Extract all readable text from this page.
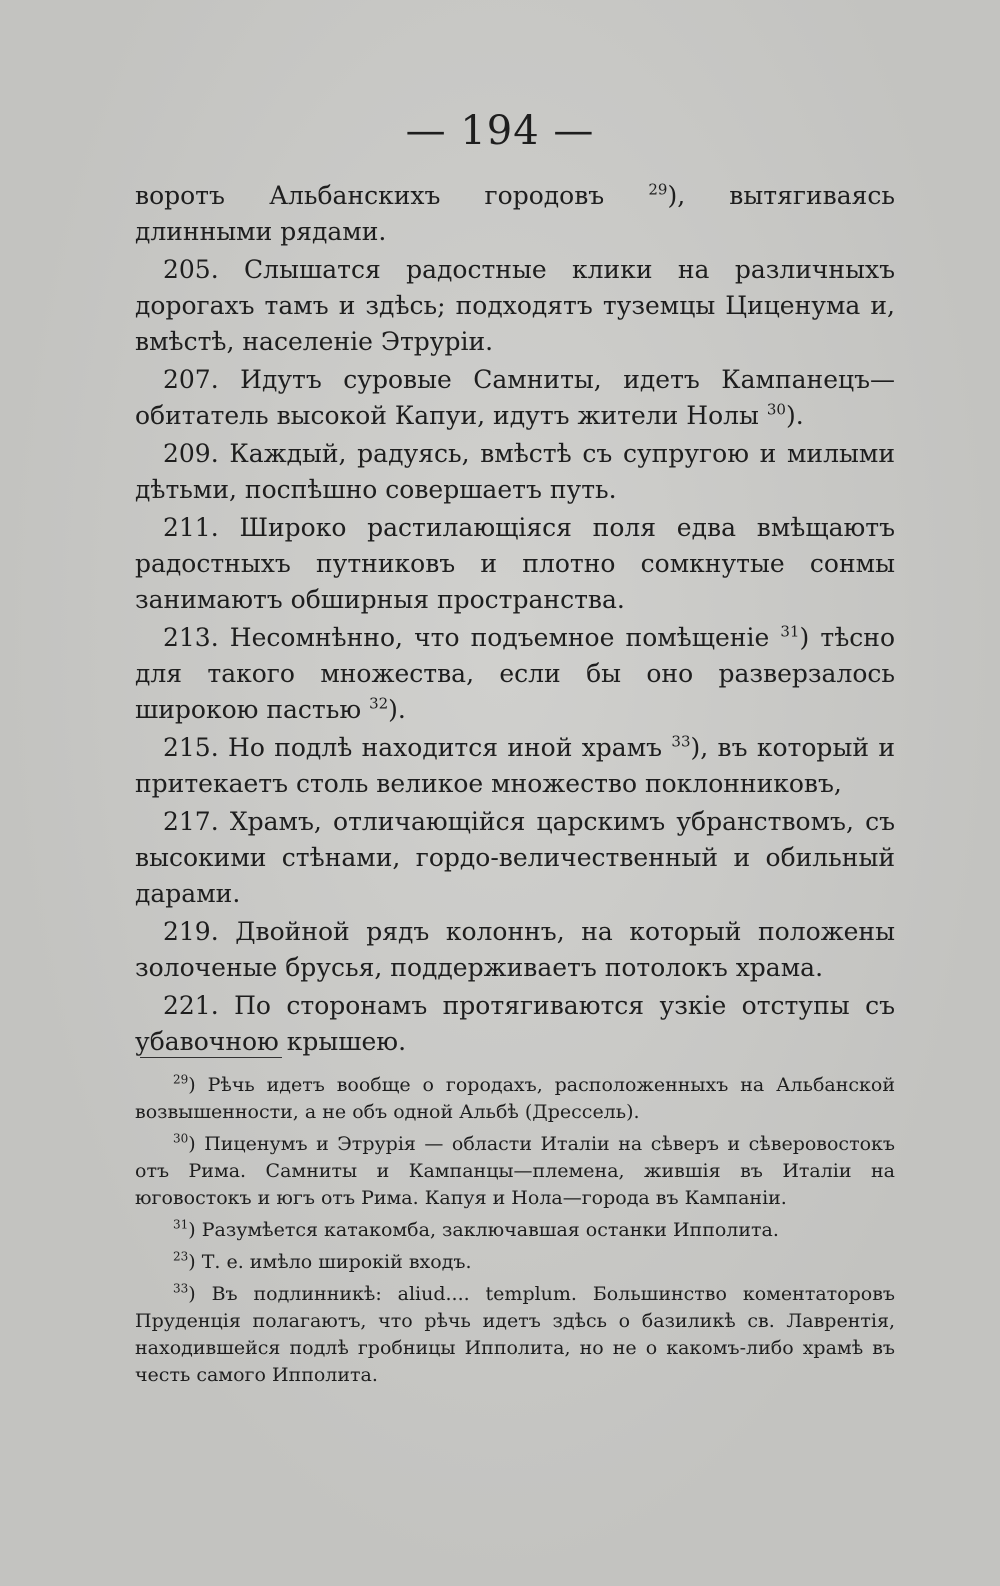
— 194 —

воротъ Альбанскихъ городовъ $^{29}$), вытягиваясь длинными рядами.

205. Слышатся радостные клики на различныхъ дорогахъ тамъ и здѣсь; подходятъ туземцы Циценума и, вмѣстѣ, населеніе Этруріи.

207. Идутъ суровые Самниты, идетъ Кампанецъ—обитатель высокой Капуи, идутъ жители Нолы $^{30}$).

209. Каждый, радуясь, вмѣстѣ съ супругою и милыми дѣтьми, поспѣшно совершаетъ путь.

211. Широко растилающіяся поля едва вмѣщаютъ радостныхъ путниковъ и плотно сомкнутые сонмы занимаютъ обширныя пространства.

213. Несомнѣнно, что подъемное помѣщеніе $^{31}$) тѣсно для такого множества, если бы оно разверзалось широкою пастью $^{32}$).

215. Но подлѣ находится иной храмъ $^{33}$), въ который и притекаетъ столь великое множество поклонниковъ,

217. Храмъ, отличающійся царскимъ убранствомъ, съ высокими стѣнами, гордо-величественный и обильный дарами.

219. Двойной рядъ колоннъ, на который положены золоченые брусья, поддерживаетъ потолокъ храма.

221. По сторонамъ протягиваются узкіе отступы съ убавочною крышею.

$^{29}$) Рѣчь идетъ вообще о городахъ, расположенныхъ на Альбанской возвышенности, а не объ одной Альбѣ (Дрессель).

$^{30}$) Пиценумъ и Этрурія — области Италіи на сѣверъ и сѣверовостокъ отъ Рима. Самниты и Кампанцы—племена, жившія въ Италіи на юговостокъ и югъ отъ Рима. Капуя и Нола—города въ Кампаніи.

$^{31}$) Разумѣется катакомба, заключавшая останки Ипполита.

$^{23}$) Т. е. имѣло широкій входъ.

$^{33}$) Въ подлинникѣ: aliud.... templum. Большинство коментаторовъ Пруденція полагаютъ, что рѣчь идетъ здѣсь о базиликѣ св. Лаврентія, находившейся подлѣ гробницы Ипполита, но не о какомъ-либо храмѣ въ честь самого Ипполита.
